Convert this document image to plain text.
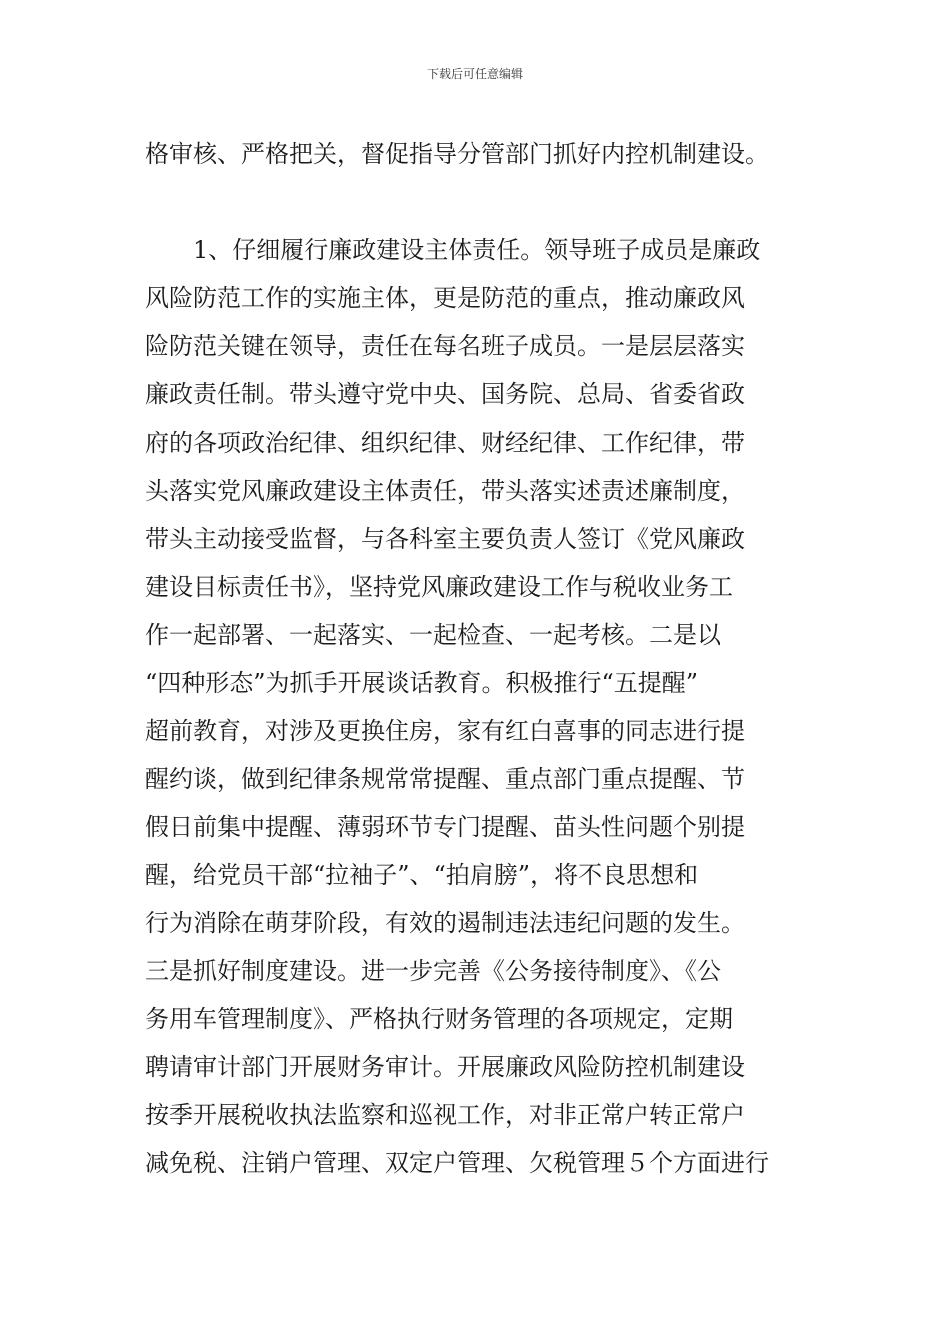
下载后可任意编辑
格审核、严格把关，督促指导分管部门抓好内控机制建设。
　　1、仔细履行廉政建设主体责任。领导班子成员是廉政
风险防范工作的实施主体，更是防范的重点，推动廉政风
险防范关键在领导，责任在每名班子成员。一是层层落实
廉政责任制。带头遵守党中央、国务院、总局、省委省政
府的各项政治纪律、组织纪律、财经纪律、工作纪律，带
头落实党风廉政建设主体责任，带头落实述责述廉制度，
带头主动接受监督，与各科室主要负责人签订《党风廉政
建设目标责任书》，坚持党风廉政建设工作与税收业务工
作一起部署、一起落实、一起检查、一起考核。二是以
“四种形态”为抓手开展谈话教育。积极推行“五提醒”
超前教育，对涉及更换住房，家有红白喜事的同志进行提
醒约谈，做到纪律条规常常提醒、重点部门重点提醒、节
假日前集中提醒、薄弱环节专门提醒、苗头性问题个别提
醒，给党员干部“拉袖子”、“拍肩膀”，将不良思想和
行为消除在萌芽阶段，有效的遏制违法违纪问题的发生。
三是抓好制度建设。进一步完善《公务接待制度》、《公
务用车管理制度》、严格执行财务管理的各项规定，定期
聘请审计部门开展财务审计。开展廉政风险防控机制建设
按季开展税收执法监察和巡视工作，对非正常户转正常户
减免税、注销户管理、双定户管理、欠税管理５个方面进行
